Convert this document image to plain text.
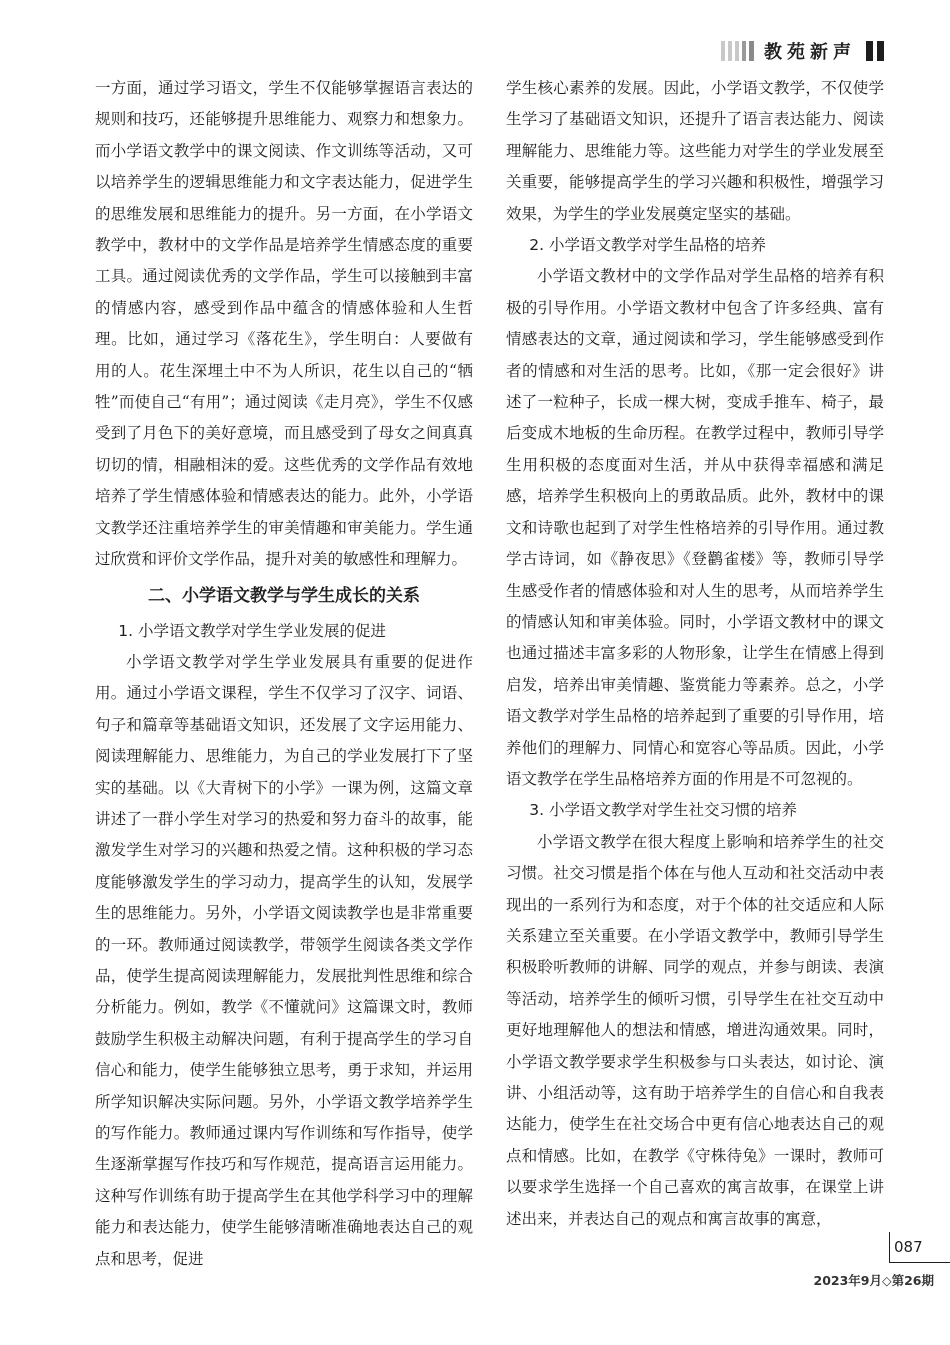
教苑新声

一方面，通过学习语文，学生不仅能够掌握语言表达的规则和技巧，还能够提升思维能力、观察力和想象力。而小学语文教学中的课文阅读、作文训练等活动，又可以培养学生的逻辑思维能力和文字表达能力，促进学生的思维发展和思维能力的提升。另一方面，在小学语文教学中，教材中的文学作品是培养学生情感态度的重要工具。通过阅读优秀的文学作品，学生可以接触到丰富的情感内容，感受到作品中蕴含的情感体验和人生哲理。比如，通过学习《落花生》，学生明白：人要做有用的人。花生深埋土中不为人所识，花生以自己的“牺牲”而使自己“有用”；通过阅读《走月亮》，学生不仅感受到了月色下的美好意境，而且感受到了母女之间真真切切的情，相融相沫的爱。这些优秀的文学作品有效地培养了学生情感体验和情感表达的能力。此外，小学语文教学还注重培养学生的审美情趣和审美能力。学生通过欣赏和评价文学作品，提升对美的敏感性和理解力。

二、小学语文教学与学生成长的关系
1. 小学语文教学对学生学业发展的促进

小学语文教学对学生学业发展具有重要的促进作用。通过小学语文课程，学生不仅学习了汉字、词语、句子和篇章等基础语文知识，还发展了文字运用能力、阅读理解能力、思维能力，为自己的学业发展打下了坚实的基础。以《大青树下的小学》一课为例，这篇文章讲述了一群小学生对学习的热爱和努力奋斗的故事，能激发学生对学习的兴趣和热爱之情。这种积极的学习态度能够激发学生的学习动力，提高学生的认知，发展学生的思维能力。另外，小学语文阅读教学也是非常重要的一环。教师通过阅读教学，带领学生阅读各类文学作品，使学生提高阅读理解能力，发展批判性思维和综合分析能力。例如，教学《不懂就问》这篇课文时，教师鼓励学生积极主动解决问题，有利于提高学生的学习自信心和能力，使学生能够独立思考，勇于求知，并运用所学知识解决实际问题。另外，小学语文教学培养学生的写作能力。教师通过课内写作训练和写作指导，使学生逐渐掌握写作技巧和写作规范，提高语言运用能力。这种写作训练有助于提高学生在其他学科学习中的理解能力和表达能力，使学生能够清晰准确地表达自己的观点和思考，促进

学生核心素养的发展。因此，小学语文教学，不仅使学生学习了基础语文知识，还提升了语言表达能力、阅读理解能力、思维能力等。这些能力对学生的学业发展至关重要，能够提高学生的学习兴趣和积极性，增强学习效果，为学生的学业发展奠定坚实的基础。

2. 小学语文教学对学生品格的培养

小学语文教材中的文学作品对学生品格的培养有积极的引导作用。小学语文教材中包含了许多经典、富有情感表达的文章，通过阅读和学习，学生能够感受到作者的情感和对生活的思考。比如，《那一定会很好》讲述了一粒种子，长成一棵大树，变成手推车、椅子，最后变成木地板的生命历程。在教学过程中，教师引导学生用积极的态度面对生活，并从中获得幸福感和满足感，培养学生积极向上的勇敢品质。此外，教材中的课文和诗歌也起到了对学生性格培养的引导作用。通过教学古诗词，如《静夜思》《登鹳雀楼》等，教师引导学生感受作者的情感体验和对人生的思考，从而培养学生的情感认知和审美体验。同时，小学语文教材中的课文也通过描述丰富多彩的人物形象，让学生在情感上得到启发，培养出审美情趣、鉴赏能力等素养。总之，小学语文教学对学生品格的培养起到了重要的引导作用，培养他们的理解力、同情心和宽容心等品质。因此，小学语文教学在学生品格培养方面的作用是不可忽视的。

3. 小学语文教学对学生社交习惯的培养

小学语文教学在很大程度上影响和培养学生的社交习惯。社交习惯是指个体在与他人互动和社交活动中表现出的一系列行为和态度，对于个体的社交适应和人际关系建立至关重要。在小学语文教学中，教师引导学生积极聆听教师的讲解、同学的观点，并参与朗读、表演等活动，培养学生的倾听习惯，引导学生在社交互动中更好地理解他人的想法和情感，增进沟通效果。同时，小学语文教学要求学生积极参与口头表达，如讨论、演讲、小组活动等，这有助于培养学生的自信心和自我表达能力，使学生在社交场合中更有信心地表达自己的观点和情感。比如，在教学《守株待兔》一课时，教师可以要求学生选择一个自己喜欢的寓言故事，在课堂上讲述出来，并表达自己的观点和寓言故事的寓意，

087
2023年9月◇第26期
